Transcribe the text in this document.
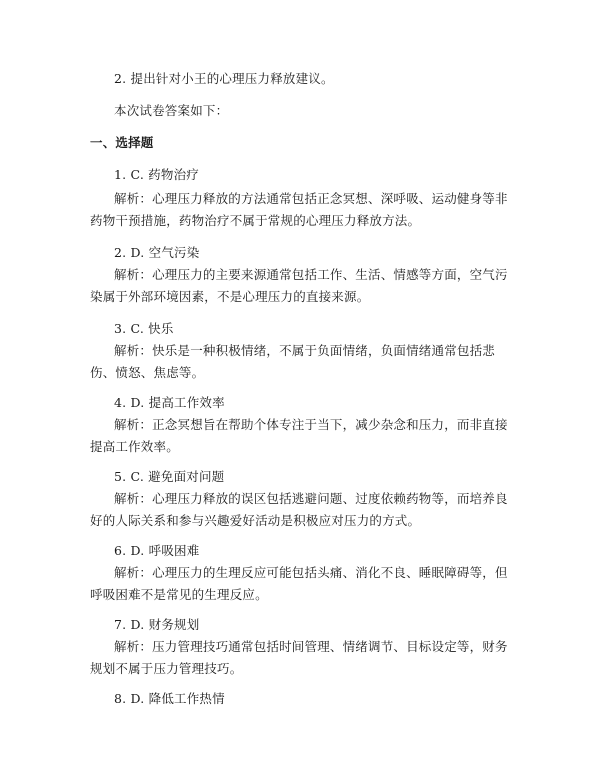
2. 提出针对小王的心理压力释放建议。
本次试卷答案如下：
一、选择题
1. C. 药物治疗
解析：心理压力释放的方法通常包括正念冥想、深呼吸、运动健身等非药物干预措施，药物治疗不属于常规的心理压力释放方法。
2. D. 空气污染
解析：心理压力的主要来源通常包括工作、生活、情感等方面，空气污染属于外部环境因素，不是心理压力的直接来源。
3. C. 快乐
解析：快乐是一种积极情绪，不属于负面情绪，负面情绪通常包括悲伤、愤怒、焦虑等。
4. D. 提高工作效率
解析：正念冥想旨在帮助个体专注于当下，减少杂念和压力，而非直接提高工作效率。
5. C. 避免面对问题
解析：心理压力释放的误区包括逃避问题、过度依赖药物等，而培养良好的人际关系和参与兴趣爱好活动是积极应对压力的方式。
6. D. 呼吸困难
解析：心理压力的生理反应可能包括头痛、消化不良、睡眠障碍等，但呼吸困难不是常见的生理反应。
7. D. 财务规划
解析：压力管理技巧通常包括时间管理、情绪调节、目标设定等，财务规划不属于压力管理技巧。
8. D. 降低工作热情
